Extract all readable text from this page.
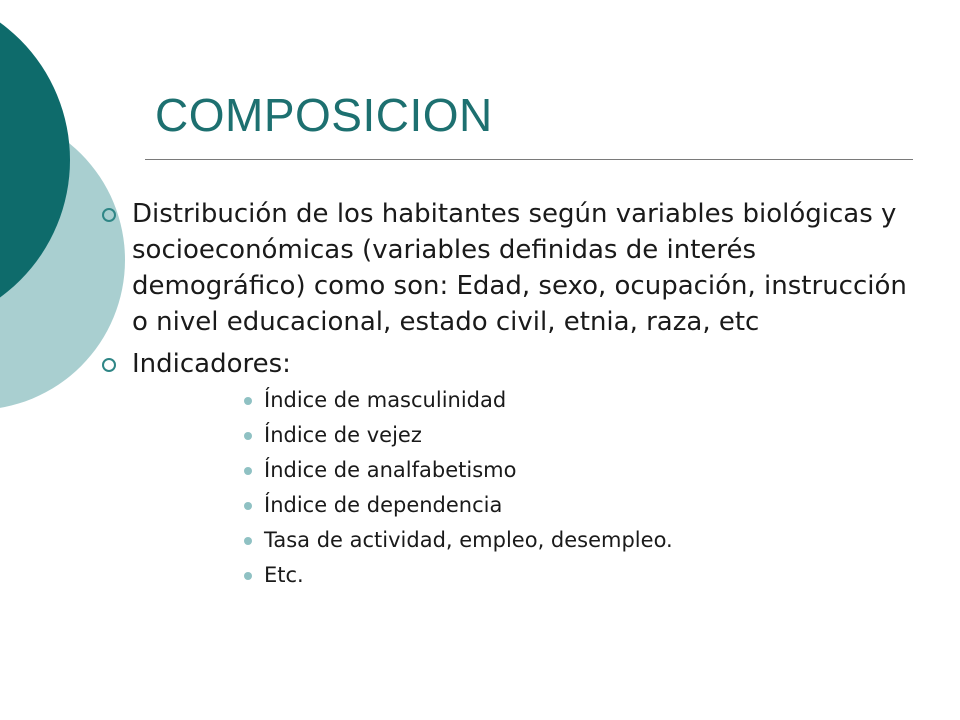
COMPOSICION
Distribución de los habitantes según variables biológicas y socioeconómicas (variables definidas de interés demográfico) como son: Edad, sexo, ocupación, instrucción o nivel educacional, estado civil, etnia, raza, etc
Indicadores:
Índice de masculinidad
Índice de vejez
Índice de analfabetismo
Índice de dependencia
Tasa de actividad, empleo, desempleo.
Etc.
